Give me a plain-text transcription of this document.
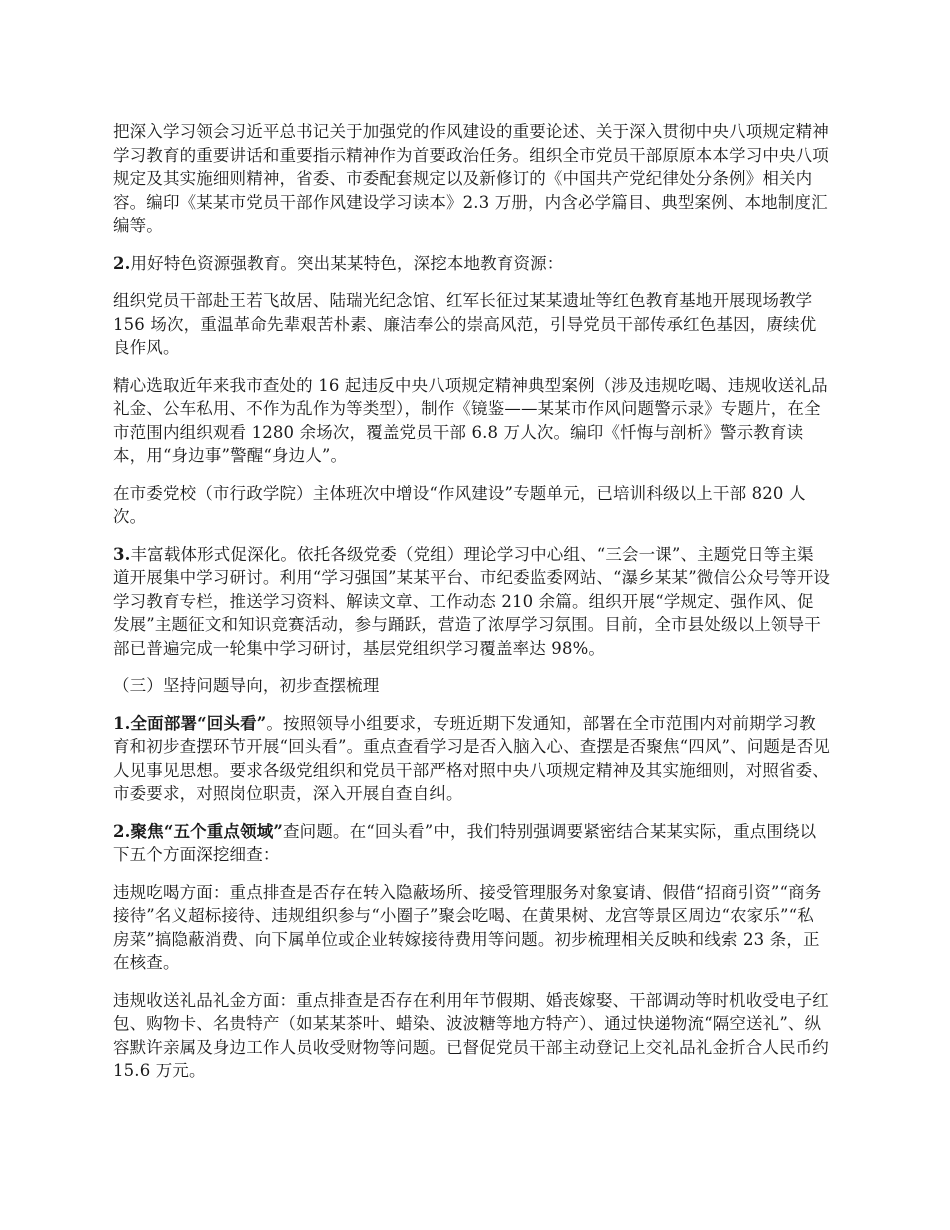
把深入学习领会习近平总书记关于加强党的作风建设的重要论述、关于深入贯彻中央八项规定精神学习教育的重要讲话和重要指示精神作为首要政治任务。组织全市党员干部原原本本学习中央八项规定及其实施细则精神，省委、市委配套规定以及新修订的《中国共产党纪律处分条例》相关内容。编印《某某市党员干部作风建设学习读本》2.3 万册，内含必学篇目、典型案例、本地制度汇编等。

2.用好特色资源强教育。突出某某特色，深挖本地教育资源：

组织党员干部赴王若飞故居、陆瑞光纪念馆、红军长征过某某遗址等红色教育基地开展现场教学 156 场次，重温革命先辈艰苦朴素、廉洁奉公的崇高风范，引导党员干部传承红色基因，赓续优良作风。

精心选取近年来我市查处的 16 起违反中央八项规定精神典型案例（涉及违规吃喝、违规收送礼品礼金、公车私用、不作为乱作为等类型），制作《镜鉴——某某市作风问题警示录》专题片，在全市范围内组织观看 1280 余场次，覆盖党员干部 6.8 万人次。编印《忏悔与剖析》警示教育读本，用“身边事”警醒“身边人”。

在市委党校（市行政学院）主体班次中增设“作风建设”专题单元，已培训科级以上干部 820 人次。

3.丰富载体形式促深化。依托各级党委（党组）理论学习中心组、“三会一课”、主题党日等主渠道开展集中学习研讨。利用“学习强国”某某平台、市纪委监委网站、“瀑乡某某”微信公众号等开设学习教育专栏，推送学习资料、解读文章、工作动态 210 余篇。组织开展“学规定、强作风、促发展”主题征文和知识竞赛活动，参与踊跃，营造了浓厚学习氛围。目前，全市县处级以上领导干部已普遍完成一轮集中学习研讨，基层党组织学习覆盖率达 98%。

（三）坚持问题导向，初步查摆梳理

1.全面部署“回头看”。按照领导小组要求，专班近期下发通知，部署在全市范围内对前期学习教育和初步查摆环节开展“回头看”。重点查看学习是否入脑入心、查摆是否聚焦“四风”、问题是否见人见事见思想。要求各级党组织和党员干部严格对照中央八项规定精神及其实施细则，对照省委、市委要求，对照岗位职责，深入开展自查自纠。

2.聚焦“五个重点领域”查问题。在“回头看”中，我们特别强调要紧密结合某某实际，重点围绕以下五个方面深挖细查：

违规吃喝方面：重点排查是否存在转入隐蔽场所、接受管理服务对象宴请、假借“招商引资”“商务接待”名义超标接待、违规组织参与“小圈子”聚会吃喝、在黄果树、龙宫等景区周边“农家乐”“私房菜”搞隐蔽消费、向下属单位或企业转嫁接待费用等问题。初步梳理相关反映和线索 23 条，正在核查。

违规收送礼品礼金方面：重点排查是否存在利用年节假期、婚丧嫁娶、干部调动等时机收受电子红包、购物卡、名贵特产（如某某茶叶、蜡染、波波糖等地方特产）、通过快递物流“隔空送礼”、纵容默许亲属及身边工作人员收受财物等问题。已督促党员干部主动登记上交礼品礼金折合人民币约 15.6 万元。
